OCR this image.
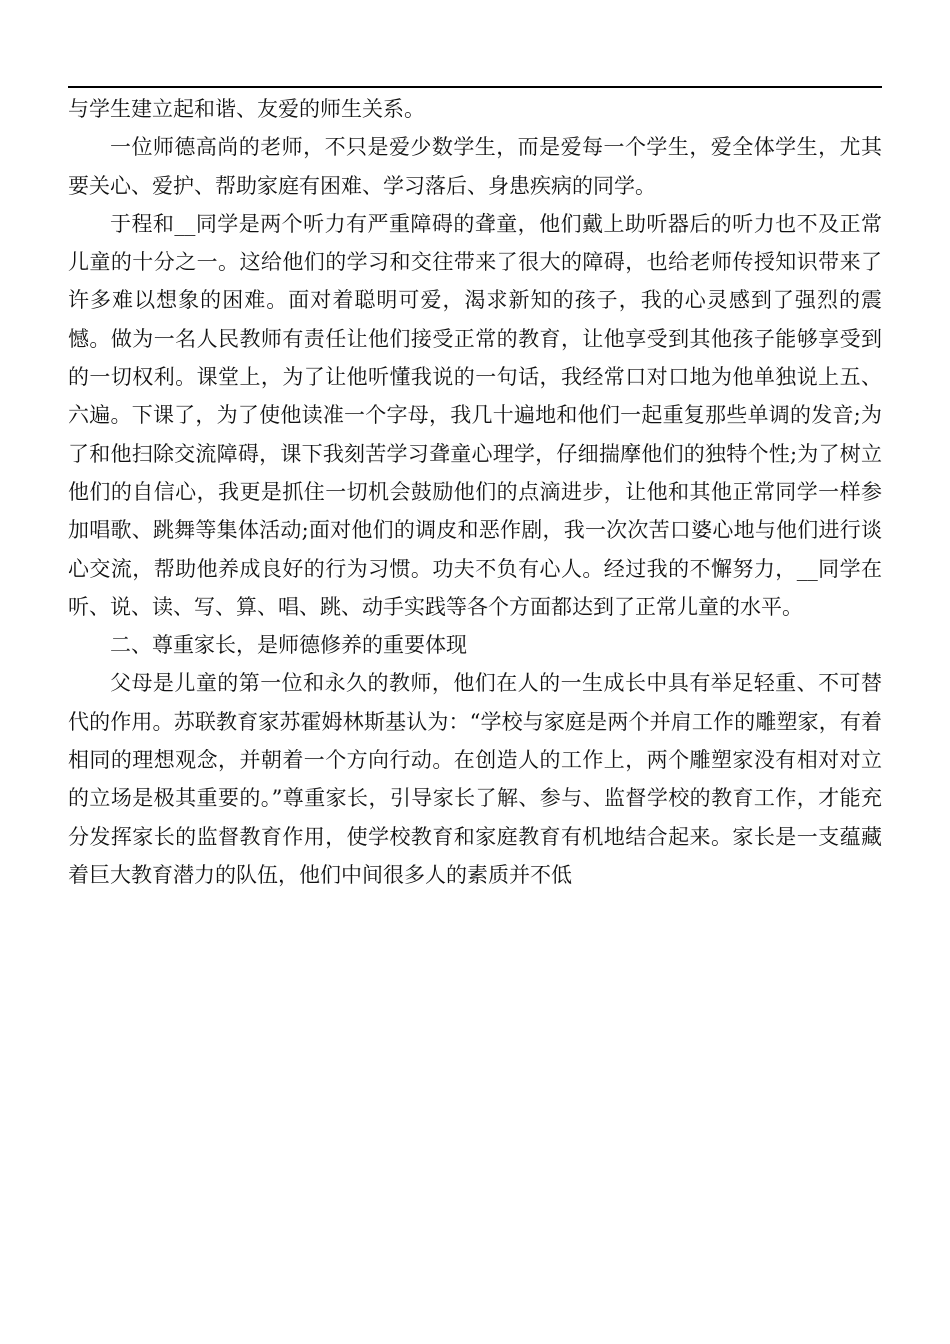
与学生建立起和谐、友爱的师生关系。

一位师德高尚的老师，不只是爱少数学生，而是爱每一个学生，爱全体学生，尤其要关心、爱护、帮助家庭有困难、学习落后、身患疾病的同学。

于程和__同学是两个听力有严重障碍的聋童，他们戴上助听器后的听力也不及正常儿童的十分之一。这给他们的学习和交往带来了很大的障碍，也给老师传授知识带来了许多难以想象的困难。面对着聪明可爱，渴求新知的孩子，我的心灵感到了强烈的震憾。做为一名人民教师有责任让他们接受正常的教育，让他享受到其他孩子能够享受到的一切权利。课堂上，为了让他听懂我说的一句话，我经常口对口地为他单独说上五、六遍。下课了，为了使他读准一个字母，我几十遍地和他们一起重复那些单调的发音;为了和他扫除交流障碍，课下我刻苦学习聋童心理学，仔细揣摩他们的独特个性;为了树立他们的自信心，我更是抓住一切机会鼓励他们的点滴进步，让他和其他正常同学一样参加唱歌、跳舞等集体活动;面对他们的调皮和恶作剧，我一次次苦口婆心地与他们进行谈心交流，帮助他养成良好的行为习惯。功夫不负有心人。经过我的不懈努力，__同学在听、说、读、写、算、唱、跳、动手实践等各个方面都达到了正常儿童的水平。

二、尊重家长，是师德修养的重要体现

父母是儿童的第一位和永久的教师，他们在人的一生成长中具有举足轻重、不可替代的作用。苏联教育家苏霍姆林斯基认为：“学校与家庭是两个并肩工作的雕塑家，有着相同的理想观念，并朝着一个方向行动。在创造人的工作上，两个雕塑家没有相对对立的立场是极其重要的。”尊重家长，引导家长了解、参与、监督学校的教育工作，才能充分发挥家长的监督教育作用，使学校教育和家庭教育有机地结合起来。家长是一支蕴藏着巨大教育潜力的队伍，他们中间很多人的素质并不低
